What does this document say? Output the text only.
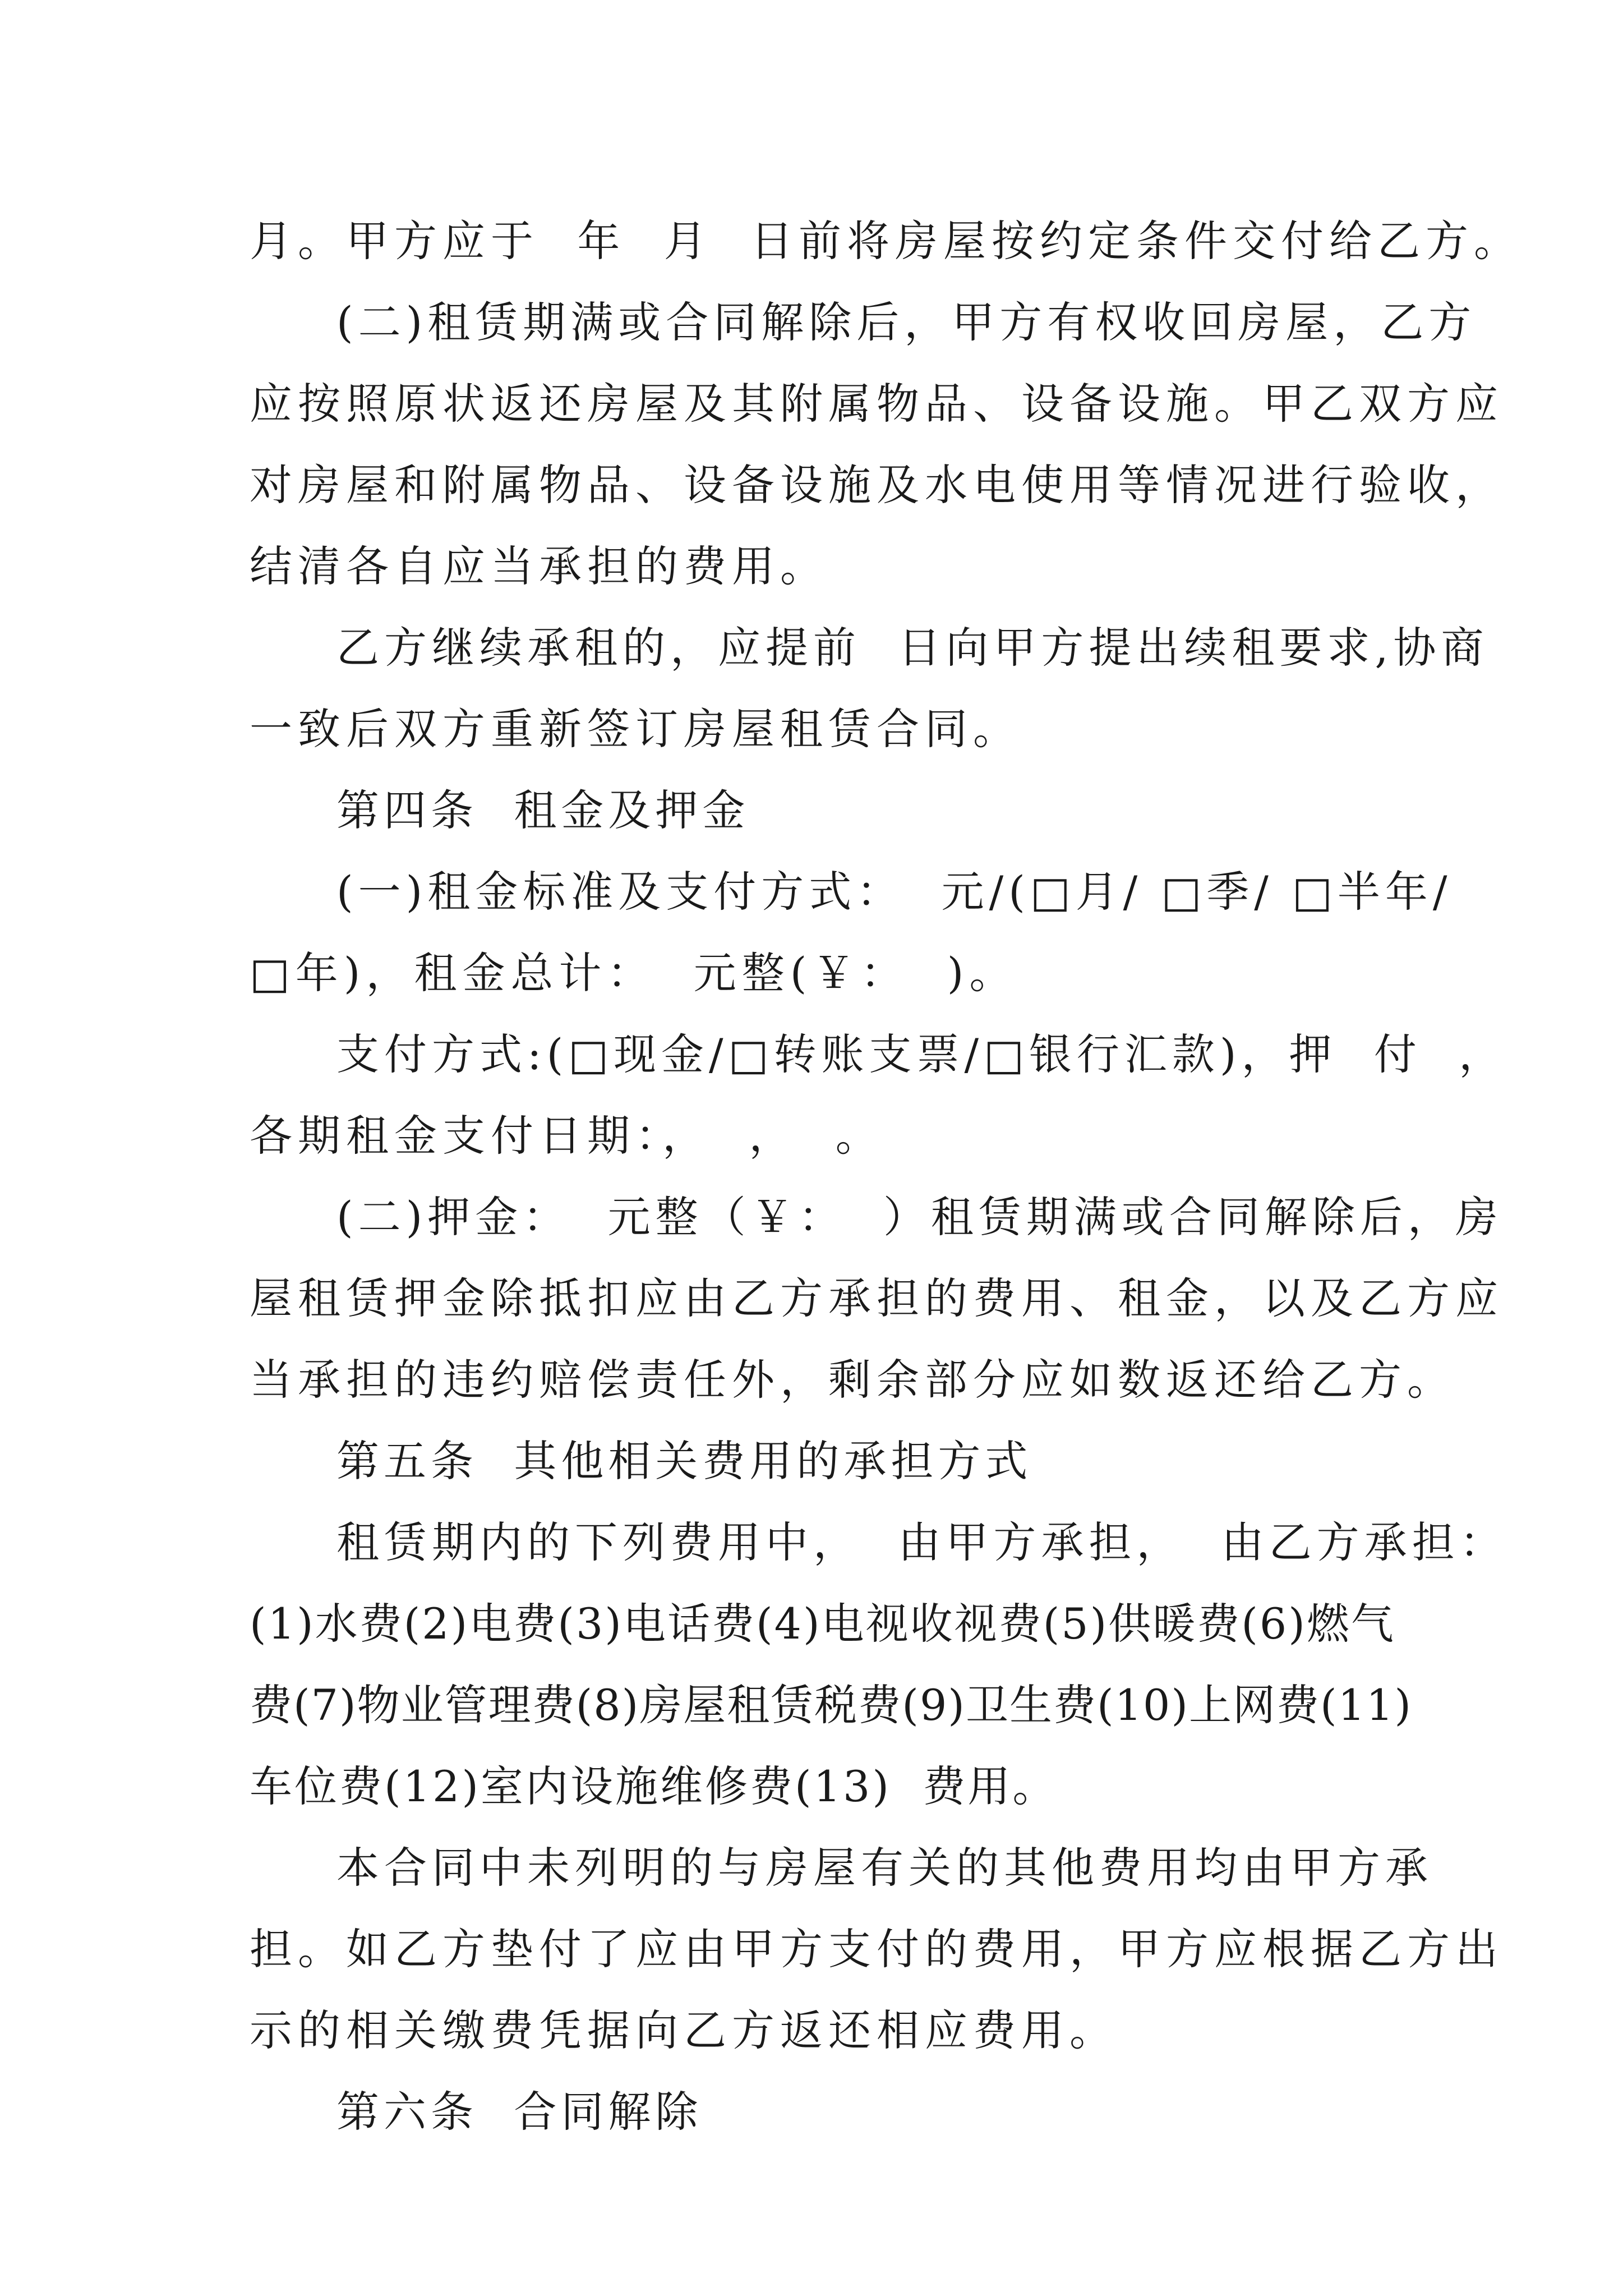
月。甲方应于  年  月  日前将房屋按约定条件交付给乙方。

(二)租赁期满或合同解除后，甲方有权收回房屋，乙方

应按照原状返还房屋及其附属物品、设备设施。甲乙双方应

对房屋和附属物品、设备设施及水电使用等情况进行验收，

结清各自应当承担的费用。

乙方继续承租的，应提前  日向甲方提出续租要求,协商

一致后双方重新签订房屋租赁合同。

第四条  租金及押金

(一)租金标准及支付方式：  元/(□月/ □季/ □半年/

□年)，租金总计：  元整(￥：  )。

支付方式:(□现金/□转账支票/□银行汇款)，押  付  ，

各期租金支付日期：，  ，  。

(二)押金：  元整（￥：  ）租赁期满或合同解除后，房

屋租赁押金除抵扣应由乙方承担的费用、租金，以及乙方应

当承担的违约赔偿责任外，剩余部分应如数返还给乙方。

第五条  其他相关费用的承担方式

租赁期内的下列费用中，  由甲方承担，  由乙方承担：

(1)水费(2)电费(3)电话费(4)电视收视费(5)供暖费(6)燃气

费(7)物业管理费(8)房屋租赁税费(9)卫生费(10)上网费(11)

车位费(12)室内设施维修费(13)  费用。

本合同中未列明的与房屋有关的其他费用均由甲方承

担。如乙方垫付了应由甲方支付的费用，甲方应根据乙方出

示的相关缴费凭据向乙方返还相应费用。

第六条  合同解除
